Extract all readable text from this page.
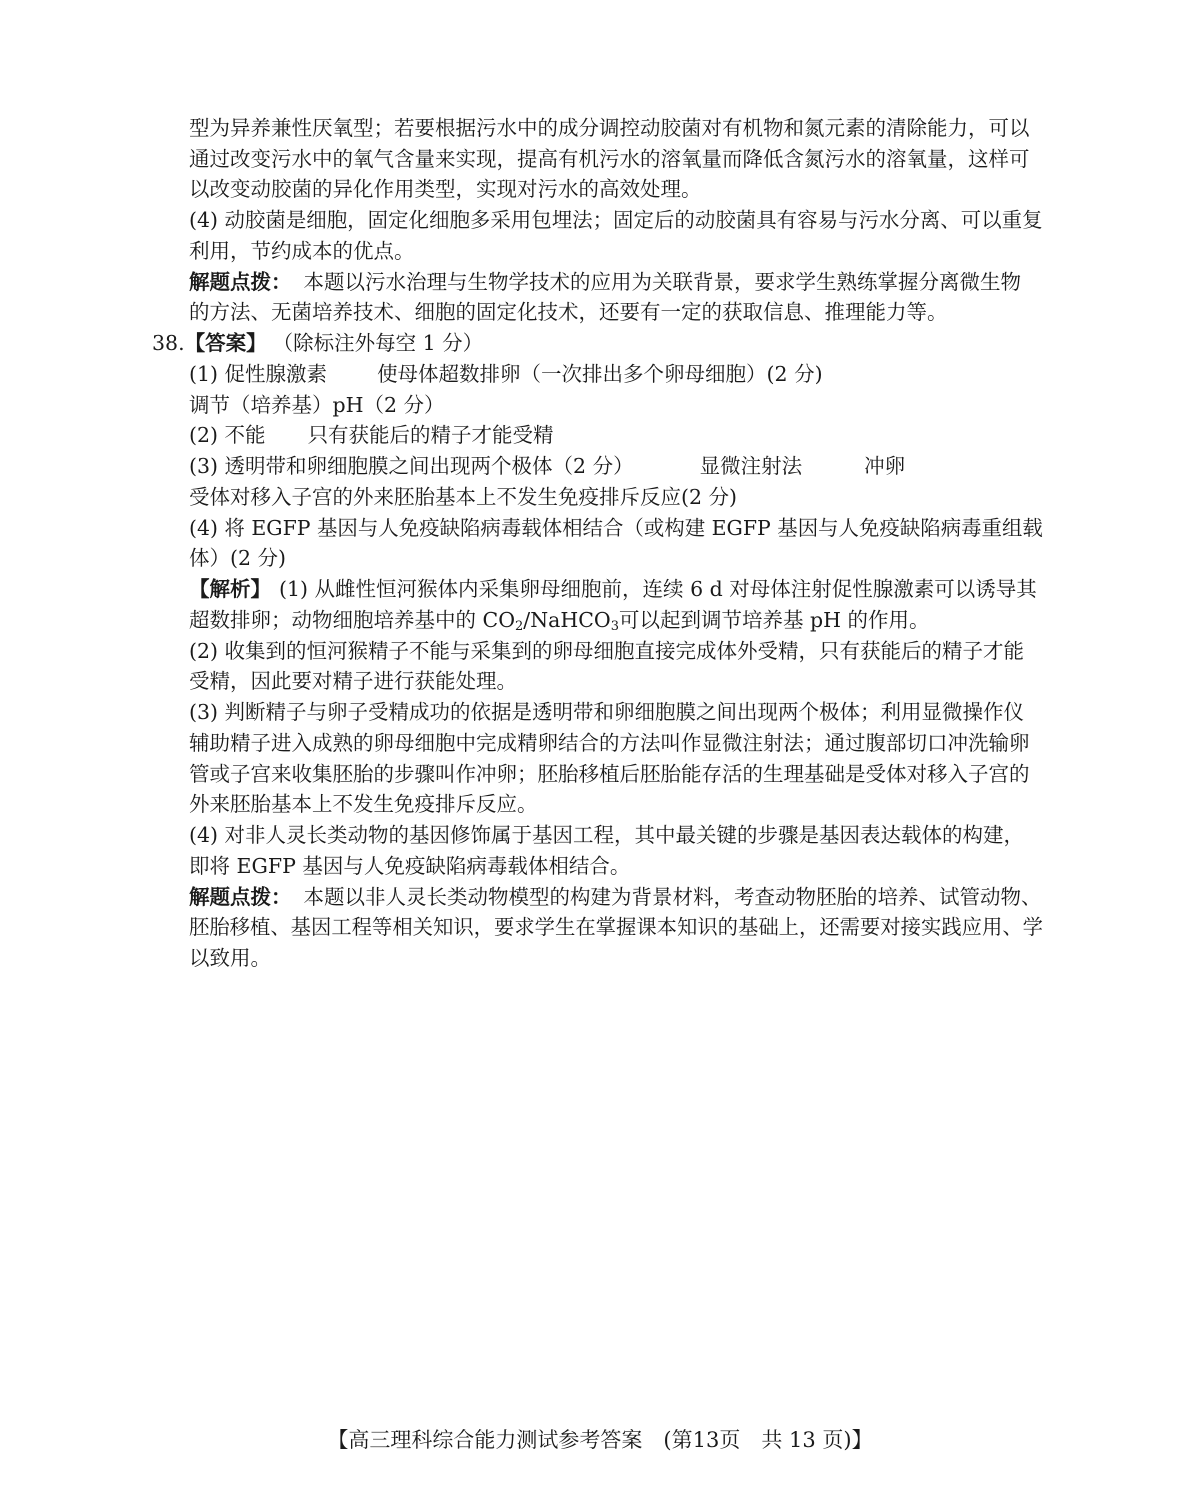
型为异养兼性厌氧型；若要根据污水中的成分调控动胶菌对有机物和氮元素的清除能力，可以
通过改变污水中的氧气含量来实现，提高有机污水的溶氧量而降低含氮污水的溶氧量，这样可
以改变动胶菌的异化作用类型，实现对污水的高效处理。
(4) 动胶菌是细胞，固定化细胞多采用包埋法；固定后的动胶菌具有容易与污水分离、可以重复
利用，节约成本的优点。
解题点拨： 本题以污水治理与生物学技术的应用为关联背景，要求学生熟练掌握分离微生物
的方法、无菌培养技术、细胞的固定化技术，还要有一定的获取信息、推理能力等。
38.【答案】 （除标注外每空 1 分）
(1) 促性腺激素 使母体超数排卵（一次排出多个卵母细胞）(2 分)
调节（培养基）pH（2 分）
(2) 不能 只有获能后的精子才能受精
(3) 透明带和卵细胞膜之间出现两个极体（2 分）	显微注射法	冲卵
受体对移入子宫的外来胚胎基本上不发生免疫排斥反应(2 分)
(4) 将 EGFP 基因与人免疫缺陷病毒载体相结合（或构建 EGFP 基因与人免疫缺陷病毒重组载
体）(2 分)
【解析】 (1) 从雌性恒河猴体内采集卵母细胞前，连续 6 d 对母体注射促性腺激素可以诱导其
超数排卵；动物细胞培养基中的 $CO_2/NaHCO_3$可以起到调节培养基 pH 的作用。
(2) 收集到的恒河猴精子不能与采集到的卵母细胞直接完成体外受精，只有获能后的精子才能
受精，因此要对精子进行获能处理。
(3) 判断精子与卵子受精成功的依据是透明带和卵细胞膜之间出现两个极体；利用显微操作仪
辅助精子进入成熟的卵母细胞中完成精卵结合的方法叫作显微注射法；通过腹部切口冲洗输卵
管或子宫来收集胚胎的步骤叫作冲卵；胚胎移植后胚胎能存活的生理基础是受体对移入子宫的
外来胚胎基本上不发生免疫排斥反应。
(4) 对非人灵长类动物的基因修饰属于基因工程，其中最关键的步骤是基因表达载体的构建，
即将 EGFP 基因与人免疫缺陷病毒载体相结合。
解题点拨： 本题以非人灵长类动物模型的构建为背景材料，考查动物胚胎的培养、试管动物、
胚胎移植、基因工程等相关知识，要求学生在掌握课本知识的基础上，还需要对接实践应用、学
以致用。
【高三理科综合能力测试参考答案　(第13页　共 13 页)】
